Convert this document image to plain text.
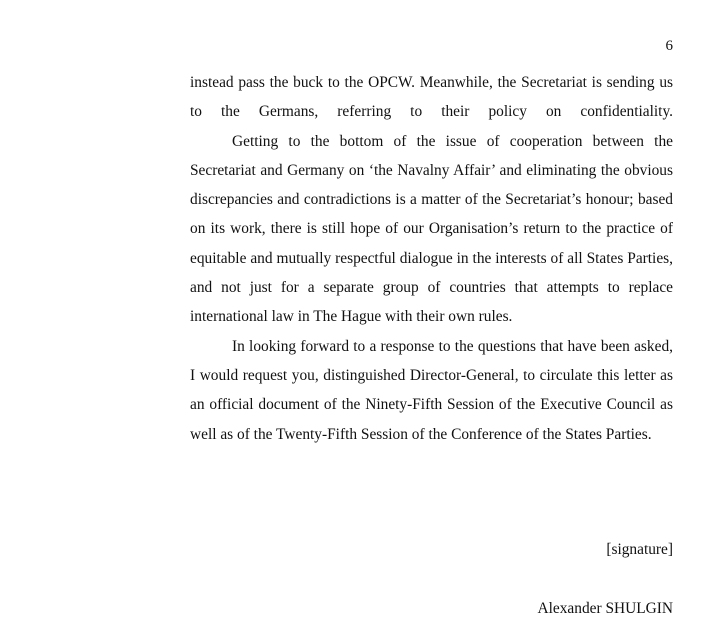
6

instead pass the buck to the OPCW. Meanwhile, the Secretariat is sending us to the Germans, referring to their policy on confidentiality.

Getting to the bottom of the issue of cooperation between the Secretariat and Germany on ‘the Navalny Affair’ and eliminating the obvious discrepancies and contradictions is a matter of the Secretariat’s honour; based on its work, there is still hope of our Organisation’s return to the practice of equitable and mutually respectful dialogue in the interests of all States Parties, and not just for a separate group of countries that attempts to replace international law in The Hague with their own rules.

In looking forward to a response to the questions that have been asked, I would request you, distinguished Director-General, to circulate this letter as an official document of the Ninety-Fifth Session of the Executive Council as well as of the Twenty-Fifth Session of the Conference of the States Parties.

[signature]
Alexander SHULGIN
